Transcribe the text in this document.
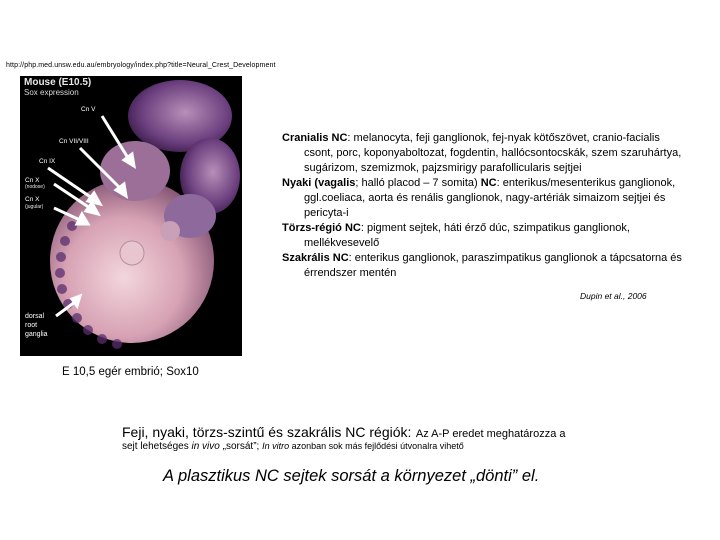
http://php.med.unsw.edu.au/embryology/index.php?title=Neural_Crest_Development
Mouse (E10.5)
Sox expression
Cn V
Cn VII/VIII
Cn IX
Cn X
(nodose)
Cn X
(jugular)
dorsal
root
ganglia
E 10,5 egér embrió; Sox10

Cranialis NC: melanocyta, feji ganglionok, fej-nyak kötőszövet, cranio-facialis csont, porc, koponyaboltozat, fogdentin, hallócsontocskák, szem szaruhártya, sugárizom, szemizmok, pajzsmirigy parafollicularis sejtjei

Nyaki (vagalis; halló placod – 7 somita) NC: enterikus/mesenterikus ganglionok, ggl.coeliaca, aorta és renális ganglionok, nagy-artériák simaizom sejtjei és pericyta-i

Törzs-régió NC: pigment sejtek, háti érző dúc, szimpatikus ganglionok, mellékvesevelő

Szakrális NC: enterikus ganglionok, paraszimpatikus ganglionok a tápcsatorna és érrendszer mentén

Dupin et al., 2006
Feji, nyaki, törzs-szintű és szakrális NC régiók: Az A-P eredet meghatározza a
sejt lehetséges in vivo „sorsát”; In vitro azonban sok más fejlődési útvonalra vihető
A plasztikus NC sejtek sorsát a környezet „dönti” el.
